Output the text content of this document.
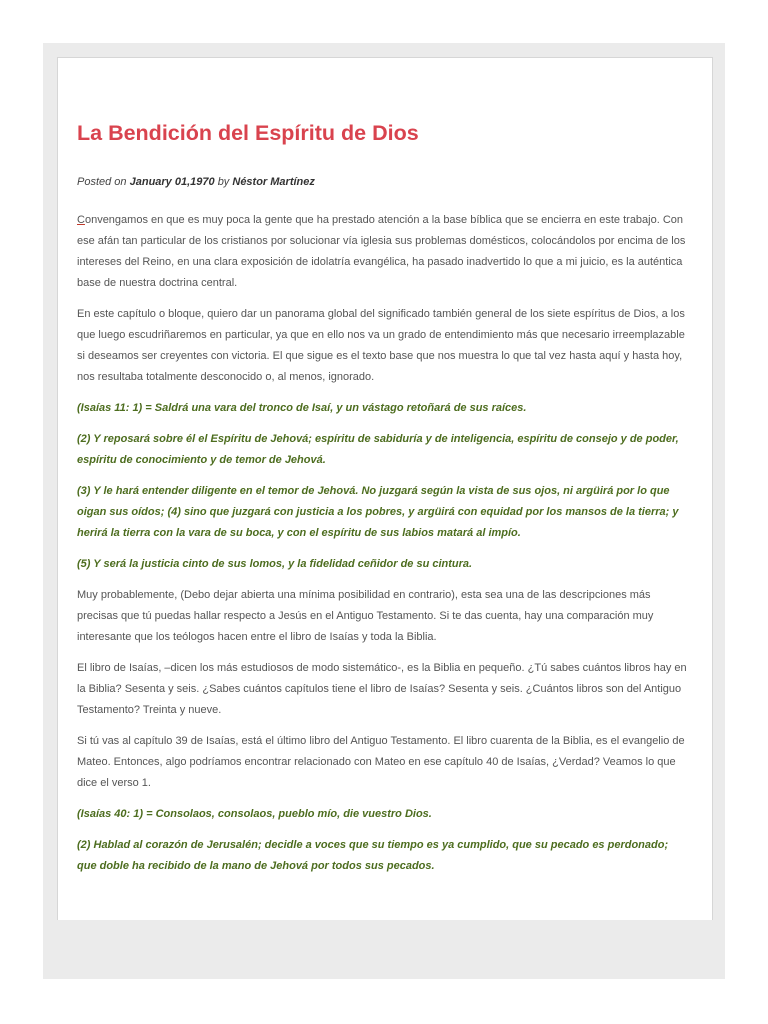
La Bendición del Espíritu de Dios
Posted on January 01,1970 by Néstor Martínez

Convengamos en que es muy poca la gente que ha prestado atención a la base bíblica que se encierra en este trabajo. Con ese afán tan particular de los cristianos por solucionar vía iglesia sus problemas domésticos, colocándolos por encima de los intereses del Reino, en una clara exposición de idolatría evangélica, ha pasado inadvertido lo que a mi juicio, es la auténtica base de nuestra doctrina central.

En este capítulo o bloque, quiero dar un panorama global del significado también general de los siete espíritus de Dios, a los que luego escudriñaremos en particular, ya que en ello nos va un grado de entendimiento más que necesario irreemplazable si deseamos ser creyentes con victoria. El que sigue es el texto base que nos muestra lo que tal vez hasta aquí y hasta hoy, nos resultaba totalmente desconocido o, al menos, ignorado.

(Isaías 11: 1) = Saldrá una vara del tronco de Isaí, y un vástago retoñará de sus raíces.

(2) Y reposará sobre él el Espíritu de Jehová; espíritu de sabiduría y de inteligencia, espíritu de consejo y de poder, espíritu de conocimiento y de temor de Jehová.

(3) Y le hará entender diligente en el temor de Jehová. No juzgará según la vista de sus ojos, ni argüirá por lo que oigan sus oídos; (4) sino que juzgará con justicia a los pobres, y argüirá con equidad por los mansos de la tierra; y herirá la tierra con la vara de su boca, y con el espíritu de sus labios matará al impío.

(5) Y será la justicia cinto de sus lomos, y la fidelidad ceñidor de su cintura.

Muy probablemente, (Debo dejar abierta una mínima posibilidad en contrario), esta sea una de las descripciones más precisas que tú puedas hallar respecto a Jesús en el Antiguo Testamento. Si te das cuenta, hay una comparación muy interesante que los teólogos hacen entre el libro de Isaías y toda la Biblia.

El libro de Isaías, –dicen los más estudiosos de modo sistemático-, es la Biblia en pequeño. ¿Tú sabes cuántos libros hay en la Biblia? Sesenta y seis. ¿Sabes cuántos capítulos tiene el libro de Isaías? Sesenta y seis. ¿Cuántos libros son del Antiguo Testamento? Treinta y nueve.

Si tú vas al capítulo 39 de Isaías, está el último libro del Antiguo Testamento. El libro cuarenta de la Biblia, es el evangelio de Mateo. Entonces, algo podríamos encontrar relacionado con Mateo en ese capítulo 40 de Isaías, ¿Verdad? Veamos lo que dice el verso 1.

(Isaías 40: 1) = Consolaos, consolaos, pueblo mío, die vuestro Dios.

(2) Hablad al corazón de Jerusalén; decidle a voces que su tiempo es ya cumplido, que su pecado es perdonado; que doble ha recibido de la mano de Jehová por todos sus pecados.
